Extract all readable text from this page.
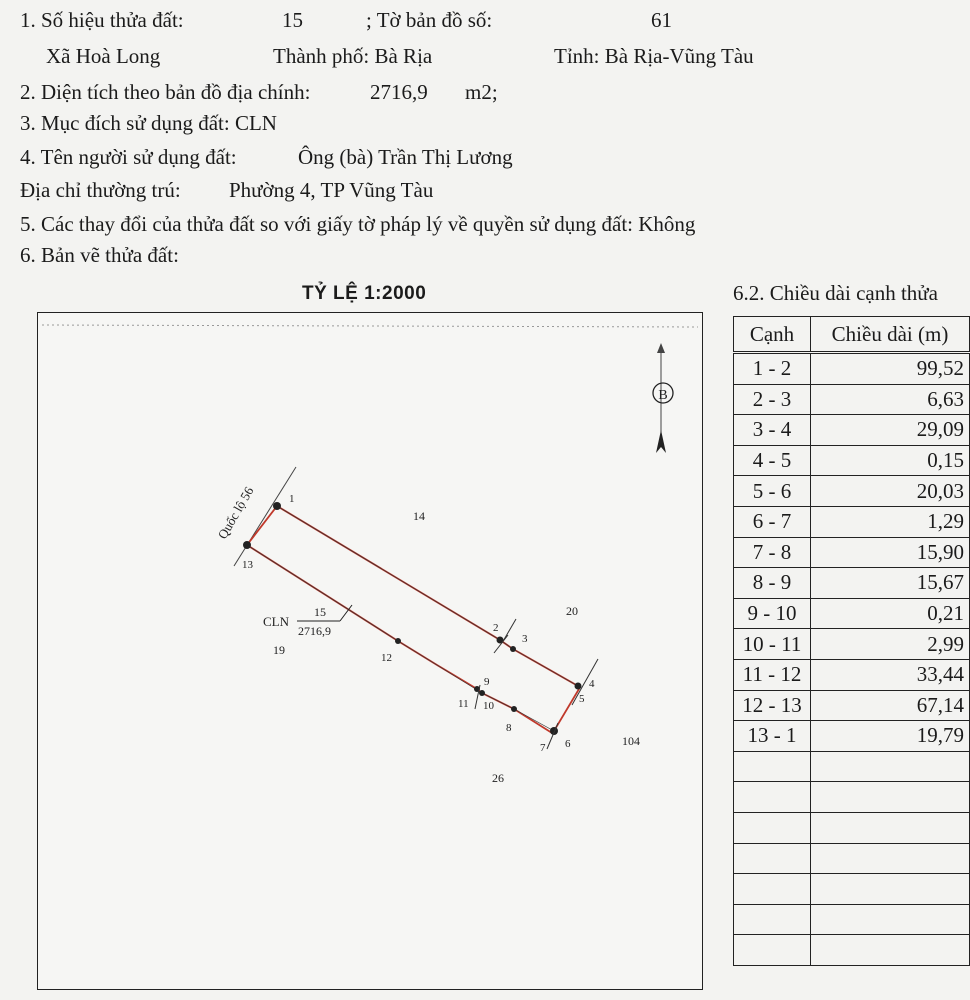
1. Số hiệu thửa đất:	15	; Tờ bản đồ số:	61
Xã Hoà Long	Thành phố: Bà Rịa	Tỉnh: Bà Rịa-Vũng Tàu
2. Diện tích theo bản đồ địa chính:	2716,9 m2;
3. Mục đích sử dụng đất: CLN
4. Tên người sử dụng đất:	Ông (bà) Trần Thị Lương
Địa chỉ thường trú: Phường 4, TP Vũng Tàu
5. Các thay đổi của thửa đất so với giấy tờ pháp lý về quyền sử dụng đất: Không
6. Bản vẽ thửa đất:
TỶ LỆ 1:2000	6.2. Chiều dài cạnh thửa
B
Quốc lộ 56	1
2
3
4
5
6
7
8
9
10
11
12
13
14
20
19
104
26
CLN
15
2716,9
Cạnh	Chiều dài (m)
1 - 2	99,52
2 - 3	6,63
3 - 4	29,09
4 - 5	0,15
5 - 6	20,03
6 - 7	1,29
7 - 8	15,90
8 - 9	15,67
9 - 10	0,21
10 - 11	2,99
11 - 12	33,44
12 - 13	67,14
13 - 1	19,79
